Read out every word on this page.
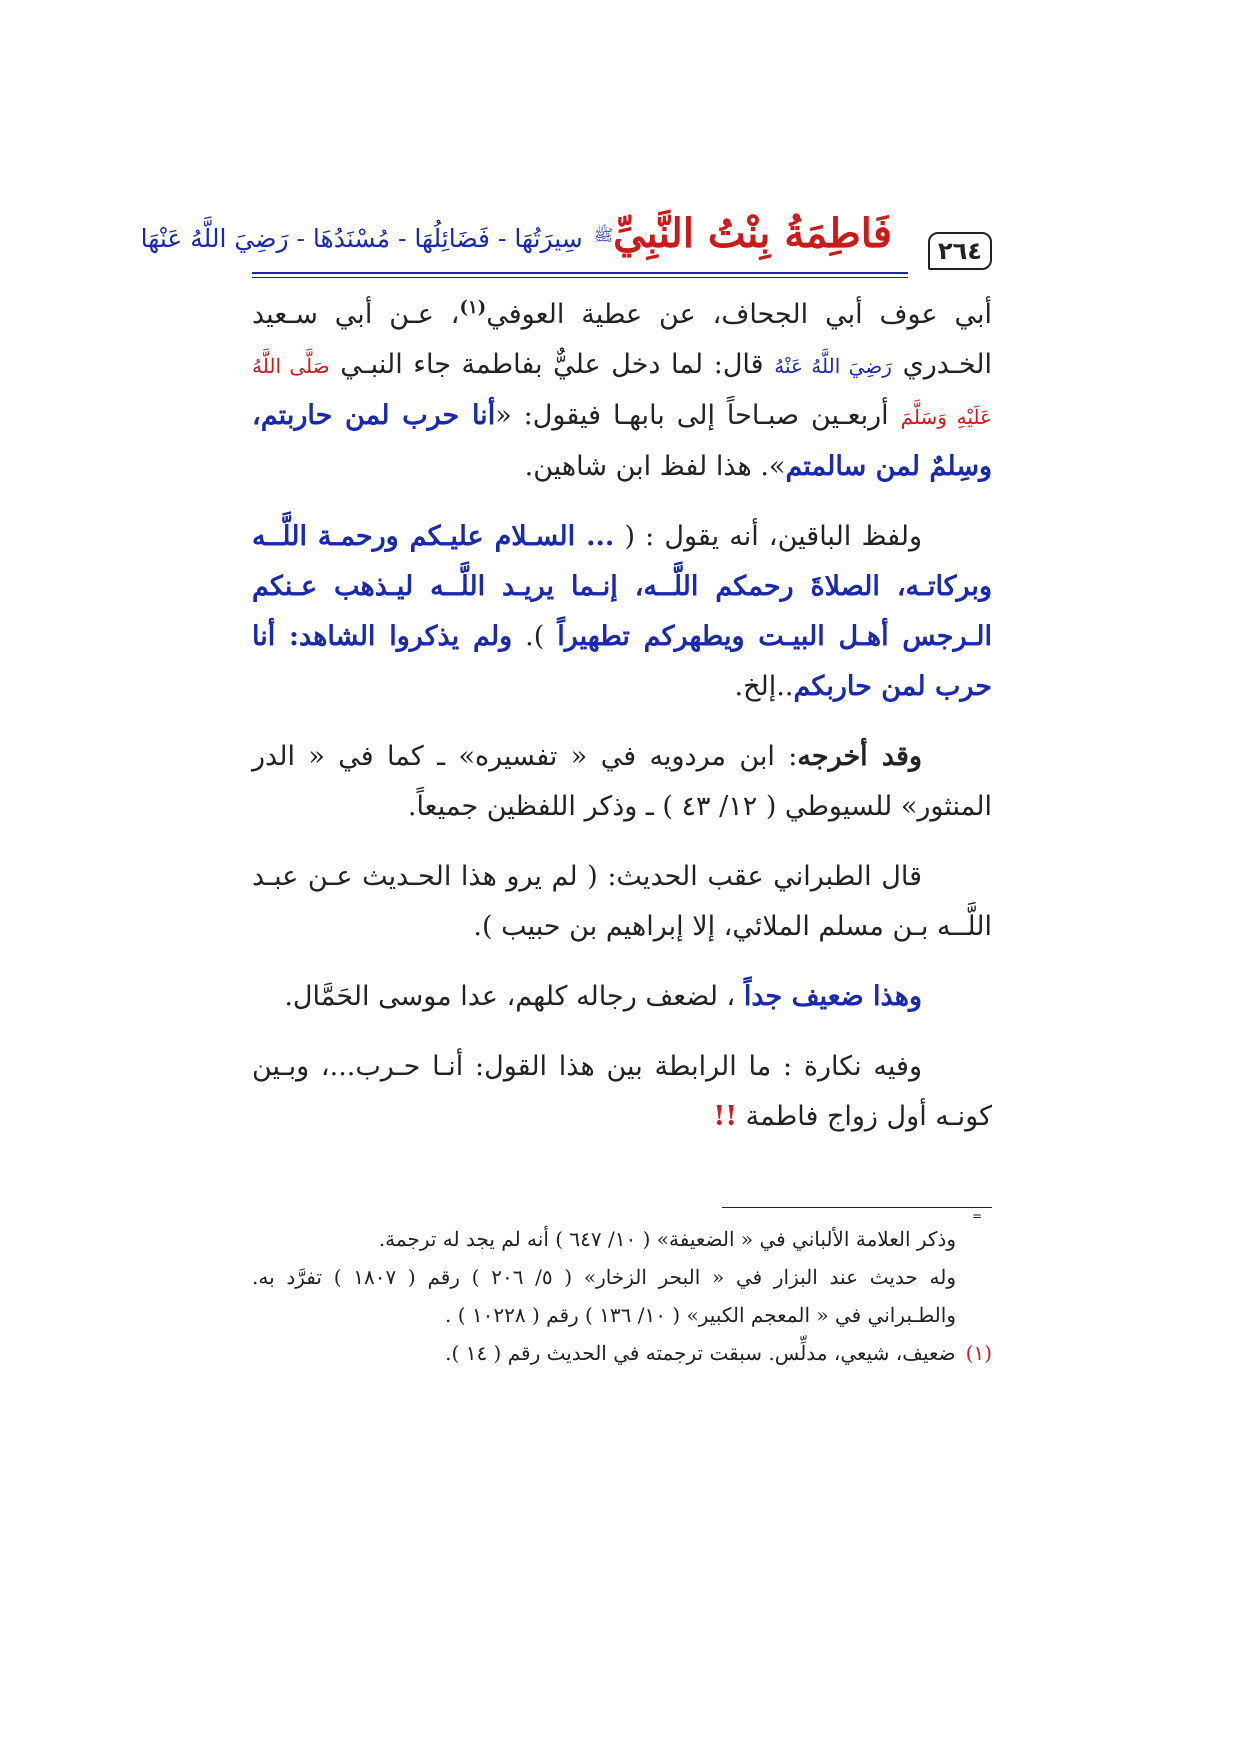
٢٦٤
فَاطِمَةُ بِنْتُ النَّبِيِّﷺ سِيرَتُهَا - فَضَائِلُهَا - مُسْنَدُهَا - رَضِيَ اللَّهُ عَنْهَا

أبي عوف أبي الجحاف، عن عطية العوفي$^{(١)}$، عـن أبي سـعيد الخـدري رَضِيَ اللَّهُ عَنْهُ قال: لما دخل عليٌّ بفاطمة جاء النبـي صَلَّى اللَّهُ عَلَيْهِ وَسَلَّمَ أربعـين صبـاحاً إلى بابهـا فيقول: «أنا حرب لمن حاربتم، وسِلمٌ لمن سالمتم». هذا لفظ ابن شاهين.

ولفظ الباقين، أنه يقول : ( ... السـلام عليـكم ورحمـة اللَّــه وبركاتـه، الصلاةَ رحمكم اللَّــه، إنـما يريـد اللَّــه ليـذهب عـنكم الـرجس أهـل البيـت ويطهركم تطهيراً ). ولم يذكروا الشاهد: أنا حرب لمن حاربكم..إلخ.

وقد أخرجه: ابن مردويه في « تفسيره» ـ كما في « الدر المنثور» للسيوطي ( ١٢/ ٤٣ ) ـ وذكر اللفظين جميعاً.

قال الطبراني عقب الحديث: ( لم يرو هذا الحـديث عـن عبـد اللَّــه بـن مسلم الملائي، إلا إبراهيم بن حبيب ).

وهذا ضعيف جداً ، لضعف رجاله كلهم، عدا موسى الحَمَّال.

وفيه نكارة : ما الرابطة بين هذا القول: أنـا حـرب...، وبـين كونـه أول زواج فاطمة !!

=

وذكر العلامة الألباني في « الضعيفة» ( ١٠/ ٦٤٧ ) أنه لم يجد له ترجمة.

وله حديث عند البزار في « البحر الزخار» ( ٥/ ٢٠٦ ) رقم ( ١٨٠٧ ) تفرَّد به. والطـبراني في « المعجم الكبير» ( ١٠/ ١٣٦ ) رقم ( ١٠٢٢٨ ) .

(١)ضعيف، شيعي، مدلِّس. سبقت ترجمته في الحديث رقم ( ١٤ ).
